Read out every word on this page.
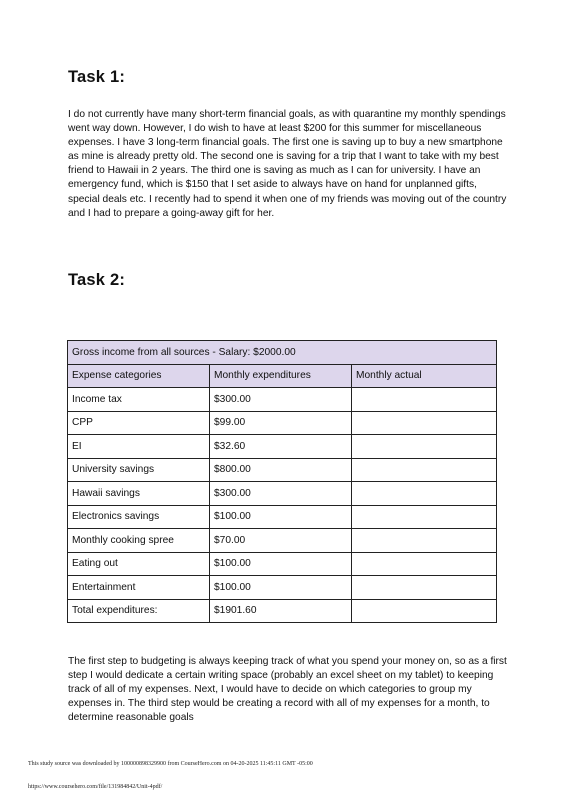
Task 1:

I do not currently have many short-term financial goals, as with quarantine my monthly spendings went way down. However, I do wish to have at least $200 for this summer for miscellaneous expenses. I have 3 long-term financial goals. The first one is saving up to buy a new smartphone as mine is already pretty old. The second one is saving for a trip that I want to take with my best friend to Hawaii in 2 years. The third one is saving as much as I can for university. I have an emergency fund, which is $150 that I set aside to always have on hand for unplanned gifts, special deals etc. I recently had to spend it when one of my friends was moving out of the country and I had to prepare a going-away gift for her.

Task 2:
Gross income from all sources - Salary: $2000.00		
Expense categories	Monthly expenditures	Monthly actual
Income tax	$300.00	
CPP	$99.00	
EI	$32.60	
University savings	$800.00	
Hawaii savings	$300.00	
Electronics savings	$100.00	
Monthly cooking spree	$70.00	
Eating out	$100.00	
Entertainment	$100.00	
Total expenditures:	$1901.60	

The first step to budgeting is always keeping track of what you spend your money on, so as a first step I would dedicate a certain writing space (probably an excel sheet on my tablet) to keeping track of all of my expenses. Next, I would have to decide on which categories to group my expenses in. The third step would be creating a record with all of my expenses for a month, to determine reasonable goals

This study source was downloaded by 100000898329900 from CourseHero.com on 04-20-2025 11:45:11 GMT -05:00

https://www.coursehero.com/file/131984842/Unit-4pdf/
